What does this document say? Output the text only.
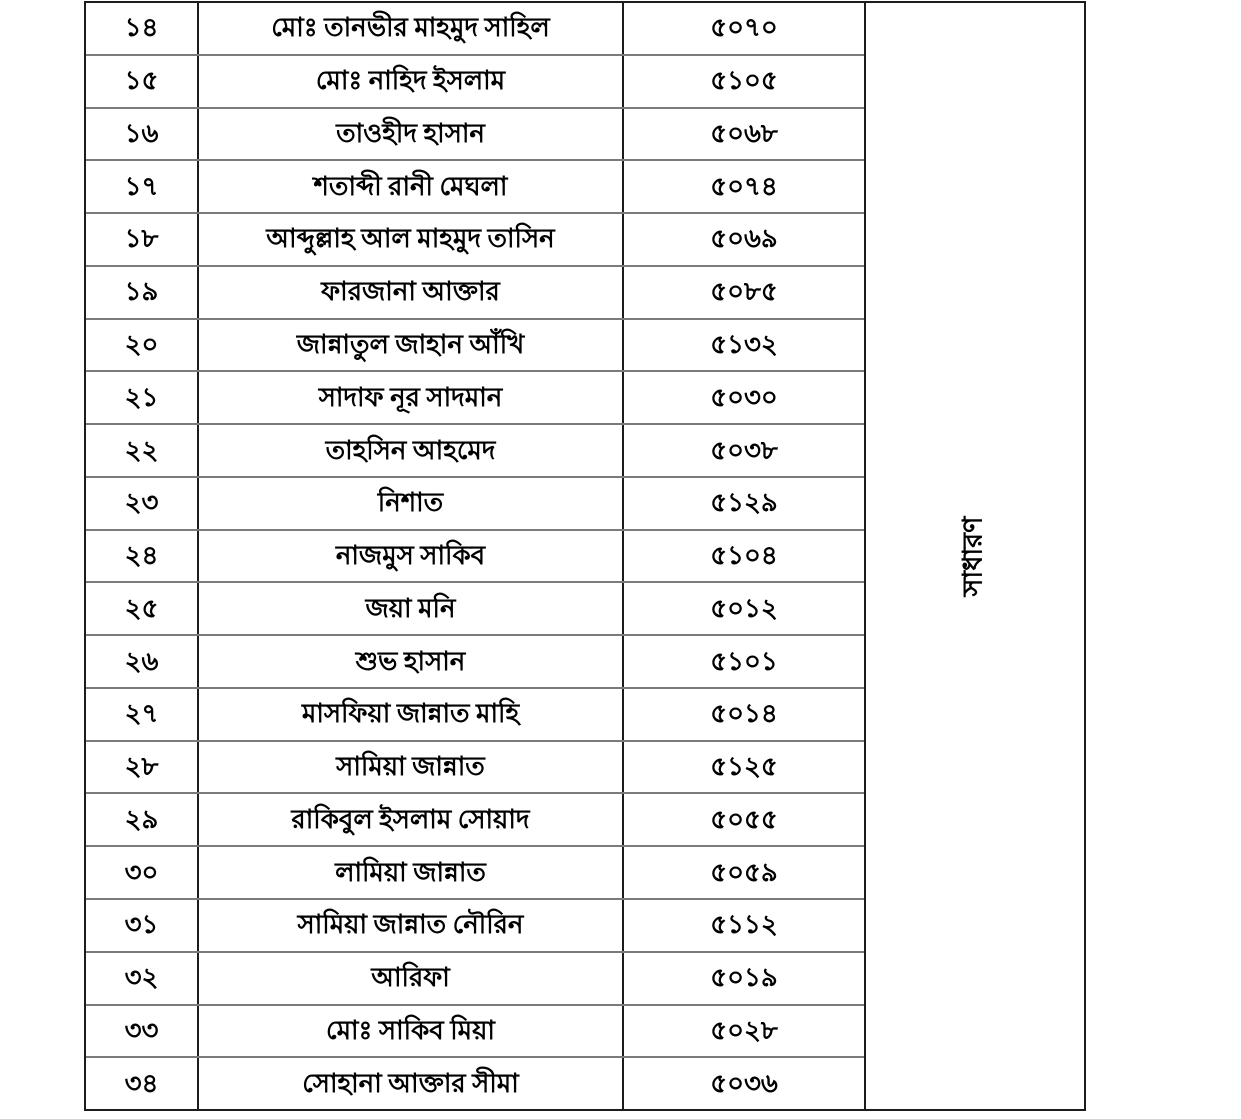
১৪	মোঃ তানভীর মাহমুদ সাহিল	৫০৭০
১৫	মোঃ নাহিদ ইসলাম	৫১০৫
১৬	তাওহীদ হাসান	৫০৬৮
১৭	শতাব্দী রানী মেঘলা	৫০৭৪
১৮	আব্দুল্লাহ আল মাহমুদ তাসিন	৫০৬৯
১৯	ফারজানা আক্তার	৫০৮৫
২০	জান্নাতুল জাহান আঁখি	৫১৩২
২১	সাদাফ নূর সাদমান	৫০৩০
২২	তাহসিন আহমেদ	৫০৩৮
২৩	নিশাত	৫১২৯
২৪	নাজমুস সাকিব	৫১০৪
২৫	জয়া মনি	৫০১২
২৬	শুভ হাসান	৫১০১
২৭	মাসফিয়া জান্নাত মাহি	৫০১৪
২৮	সামিয়া জান্নাত	৫১২৫
২৯	রাকিবুল ইসলাম সোয়াদ	৫০৫৫
৩০	লামিয়া জান্নাত	৫০৫৯
৩১	সামিয়া জান্নাত নৌরিন	৫১১২
৩২	আরিফা	৫০১৯
৩৩	মোঃ সাকিব মিয়া	৫০২৮
৩৪	সোহানা আক্তার সীমা	৫০৩৬
সাধারণ
